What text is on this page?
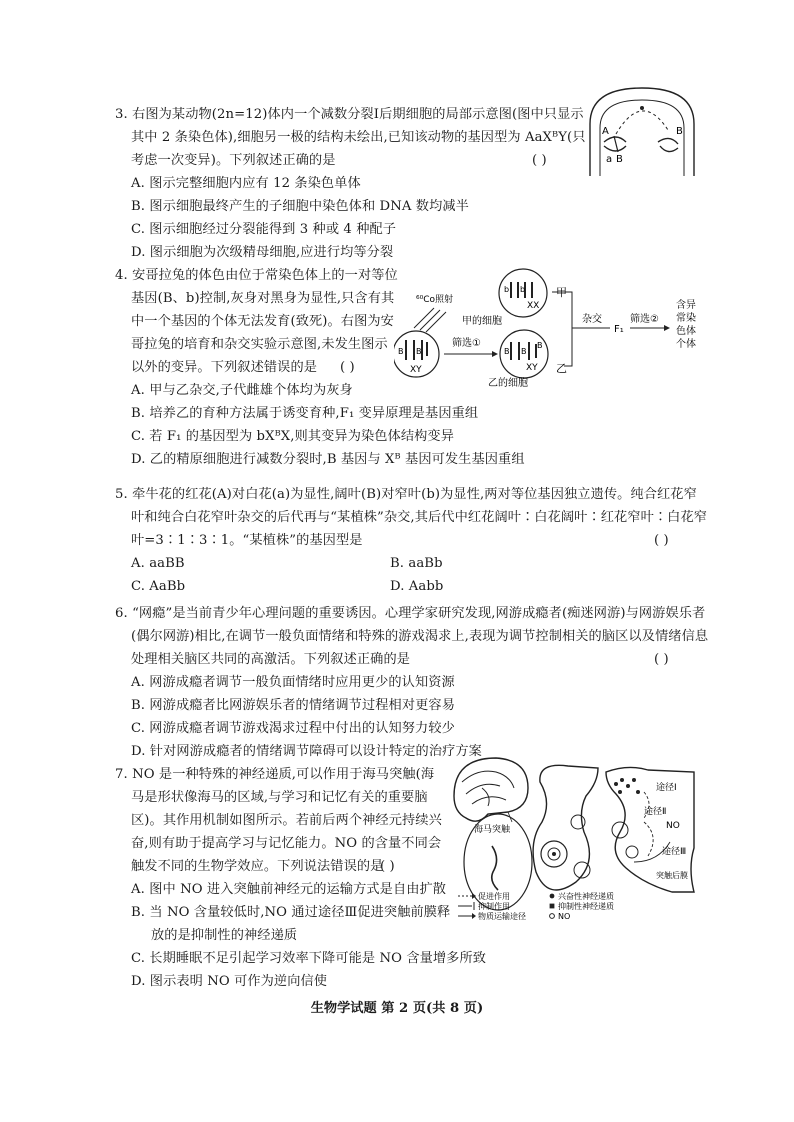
3. 右图为某动物(2n=12)体内一个减数分裂Ⅰ后期细胞的局部示意图(图中只显示
其中 2 条染色体),细胞另一极的结构未绘出,已知该动物的基因型为 AaXᴮY(只
考虑一次变异)。下列叙述正确的是	( )
A. 图示完整细胞内应有 12 条染色单体
B. 图示细胞最终产生的子细胞中染色体和 DNA 数均减半
C. 图示细胞经过分裂能得到 3 种或 4 种配子
D. 图示细胞为次级精母细胞,应进行均等分裂
A
a B
B
4. 安哥拉兔的体色由位于常染色体上的一对等位
基因(B、b)控制,灰身对黑身为显性,只含有其
中一个基因的个体无法发育(致死)。右图为安
哥拉兔的培育和杂交实验示意图,未发生图示
以外的变异。下列叙述错误的是 ( )
A. 甲与乙杂交,子代雌雄个体均为灰身
B. 培养乙的育种方法属于诱变育种,F₁ 变异原理是基因重组
C. 若 F₁ 的基因型为 bXᴮX,则其变异为染色体结构变异
D. 乙的精原细胞进行减数分裂时,B 基因与 Xᴮ 基因可发生基因重组
⁶⁰Co照射
B B
XY
筛选①
甲的细胞
b b
XX
甲
B B
B
XY
乙的细胞
乙
杂交
F₁
筛选②
含异
常染
色体
个体
5. 牵牛花的红花(A)对白花(a)为显性,阔叶(B)对窄叶(b)为显性,两对等位基因独立遗传。纯合红花窄
叶和纯合白花窄叶杂交的后代再与“某植株”杂交,其后代中红花阔叶∶白花阔叶∶红花窄叶∶白花窄
叶=3∶1∶3∶1。“某植株”的基因型是	( )
A. aaBB	B. aaBb
C. AaBb	D. Aabb
6. “网瘾”是当前青少年心理问题的重要诱因。心理学家研究发现,网游成瘾者(痴迷网游)与网游娱乐者
(偶尔网游)相比,在调节一般负面情绪和特殊的游戏渴求上,表现为调节控制相关的脑区以及情绪信息
处理相关脑区共同的高激活。下列叙述正确的是	( )
A. 网游成瘾者调节一般负面情绪时应用更少的认知资源
B. 网游成瘾者比网游娱乐者的情绪调节过程相对更容易
C. 网游成瘾者调节游戏渴求过程中付出的认知努力较少
D. 针对网游成瘾者的情绪调节障碍可以设计特定的治疗方案
7. NO 是一种特殊的神经递质,可以作用于海马突触(海
马是形状像海马的区域,与学习和记忆有关的重要脑
区)。其作用机制如图所示。若前后两个神经元持续兴
奋,则有助于提高学习与记忆能力。NO 的含量不同会
触发不同的生物学效应。下列说法错误的是
( )
A. 图中 NO 进入突触前神经元的运输方式是自由扩散
B. 当 NO 含量较低时,NO 通过途径Ⅲ促进突触前膜释
放的是抑制性的神经递质
C. 长期睡眠不足引起学习效率下降可能是 NO 含量增多所致
D. 图示表明 NO 可作为逆向信使
海马突触
途径Ⅰ
途径Ⅱ
NO
途径Ⅲ
突触后膜
促进作用
抑制作用
物质运输途径
兴奋性神经递质
抑制性神经递质
NO
生物学试题 第 2 页(共 8 页)
